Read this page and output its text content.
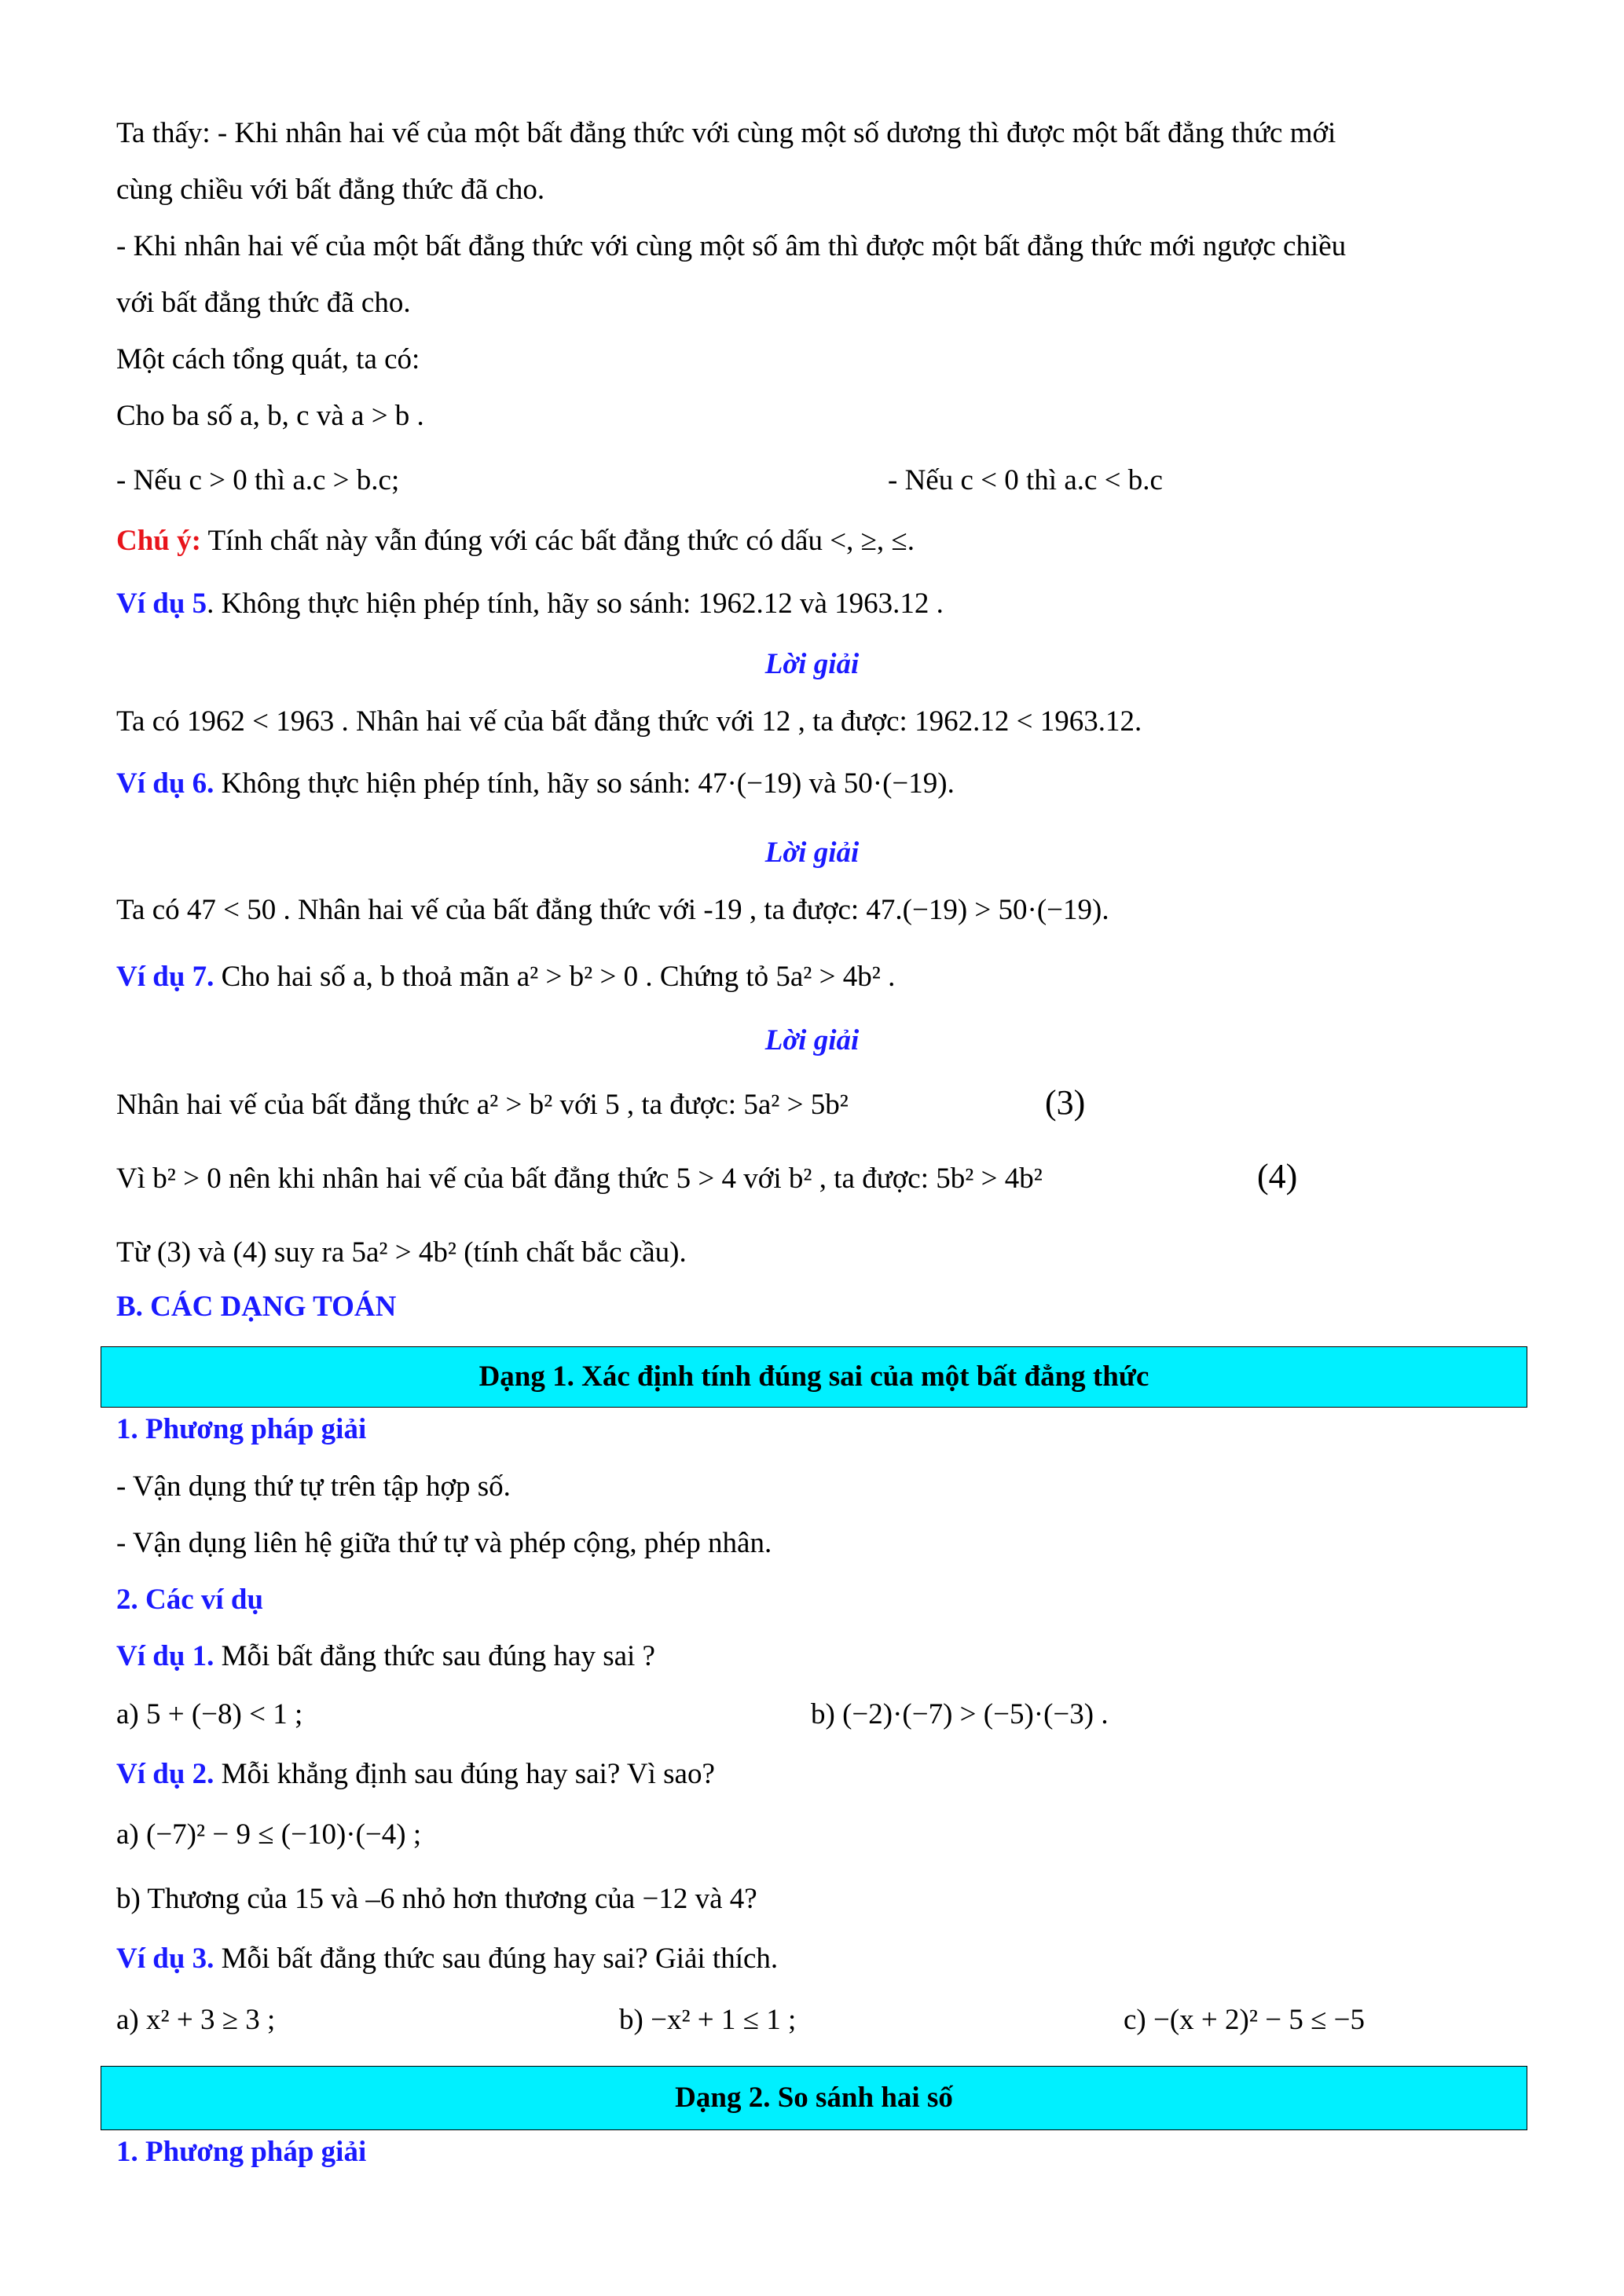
Ta thấy: - Khi nhân hai vế của một bất đẳng thức với cùng một số dương thì được một bất đẳng thức mới
cùng chiều với bất đẳng thức đã cho.
- Khi nhân hai vế của một bất đẳng thức với cùng một số âm thì được một bất đẳng thức mới ngược chiều
với bất đẳng thức đã cho.
Một cách tổng quát, ta có:
Cho ba số a, b, c và a > b .
- Nếu c > 0 thì a.c > b.c;	- Nếu c < 0 thì a.c < b.c
Chú ý: Tính chất này vẫn đúng với các bất đẳng thức có dấu <, ≥, ≤.
Ví dụ 5. Không thực hiện phép tính, hãy so sánh: 1962.12 và 1963.12 .
Lời giải
Ta có 1962 < 1963 . Nhân hai vế của bất đẳng thức với 12 , ta được: 1962.12 < 1963.12.
Ví dụ 6. Không thực hiện phép tính, hãy so sánh: 47·(−19) và 50·(−19).
Lời giải
Ta có 47 < 50 . Nhân hai vế của bất đẳng thức với -19 , ta được: 47.(−19) > 50·(−19).
Ví dụ 7. Cho hai số a, b thoả mãn a² > b² > 0 . Chứng tỏ 5a² > 4b² .
Lời giải
Nhân hai vế của bất đẳng thức a² > b² với 5 , ta được: 5a² > 5b²	(3)
Vì b² > 0 nên khi nhân hai vế của bất đẳng thức 5 > 4 với b² , ta được: 5b² > 4b²	(4)
Từ (3) và (4) suy ra 5a² > 4b² (tính chất bắc cầu).
B. CÁC DẠNG TOÁN
Dạng 1. Xác định tính đúng sai của một bất đẳng thức
1. Phương pháp giải
- Vận dụng thứ tự trên tập hợp số.
- Vận dụng liên hệ giữa thứ tự và phép cộng, phép nhân.
2. Các ví dụ
Ví dụ 1. Mỗi bất đẳng thức sau đúng hay sai ?
a) 5 + (−8) < 1 ;	b) (−2)·(−7) > (−5)·(−3) .
Ví dụ 2. Mỗi khẳng định sau đúng hay sai? Vì sao?
a) (−7)² − 9 ≤ (−10)·(−4) ;
b) Thương của 15 và –6 nhỏ hơn thương của −12 và 4?
Ví dụ 3. Mỗi bất đẳng thức sau đúng hay sai? Giải thích.
a) x² + 3 ≥ 3 ;	b) −x² + 1 ≤ 1 ;	c) −(x + 2)² − 5 ≤ −5
Dạng 2. So sánh hai số
1. Phương pháp giải
